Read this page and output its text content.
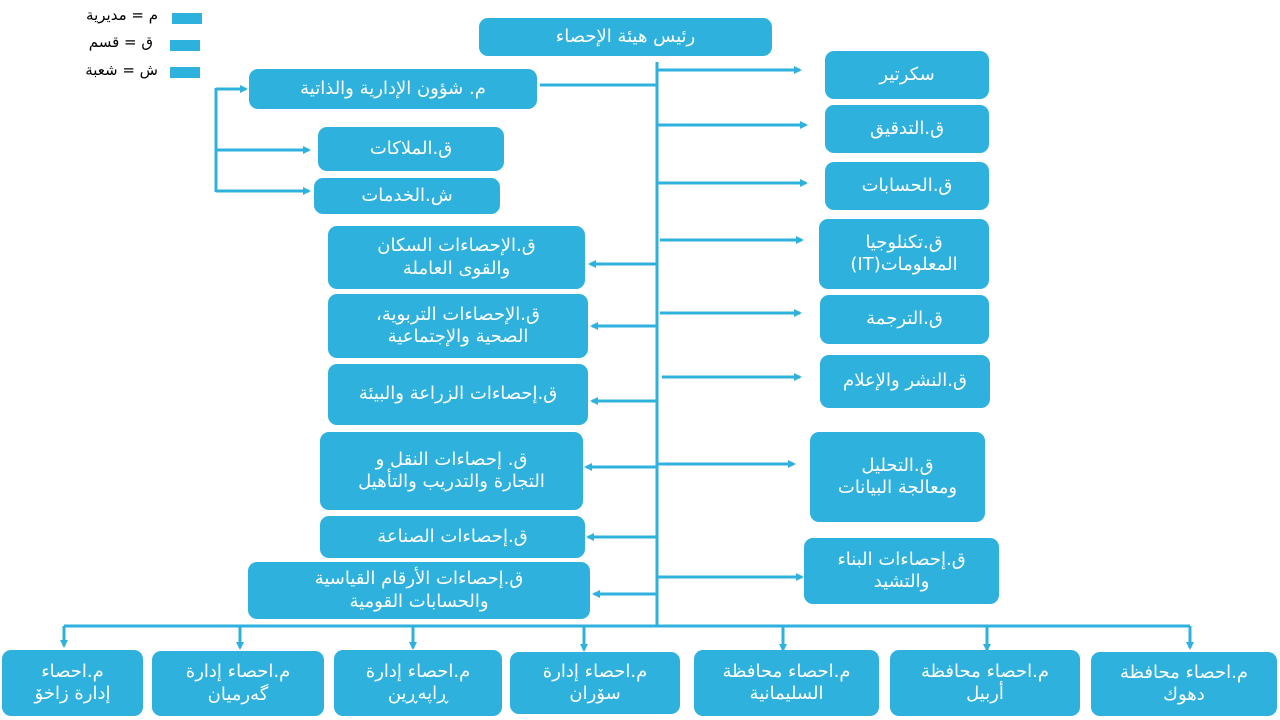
م = مديرية
ق = قسم
ش = شعبة
رئيس هيئة الإحصاء
م. شؤون الإدارية والذاتية
ق.الملاكات
ش.الخدمات
ق.الإحصاءات السكان
والقوى العاملة
ق.الإحصاءات التربوية،
الصحية والإجتماعية
ق.إحصاءات الزراعة والبيئة
ق. إحصاءات النقل و
التجارة والتدريب والتأهيل
ق.إحصاءات الصناعة
ق.إحصاءات الأرقام القياسية
والحسابات القومية
سكرتير
ق.التدقيق
ق.الحسابات
ق.تكنلوجيا
المعلومات(IT)
ق.الترجمة
ق.النشر والإعلام
ق.التحليل
ومعالجة البيانات
ق.إحصاءات البناء
والتشيد
م.احصاء
إدارة زاخۆ
م.احصاء إدارة
گەرميان
م.احصاء إدارة
ڕاپەڕین
م.احصاء إدارة
سۆران
م.احصاء محافظة
السليمانية
م.احصاء محافظة
أربيل
م.احصاء محافظة
دهوك
